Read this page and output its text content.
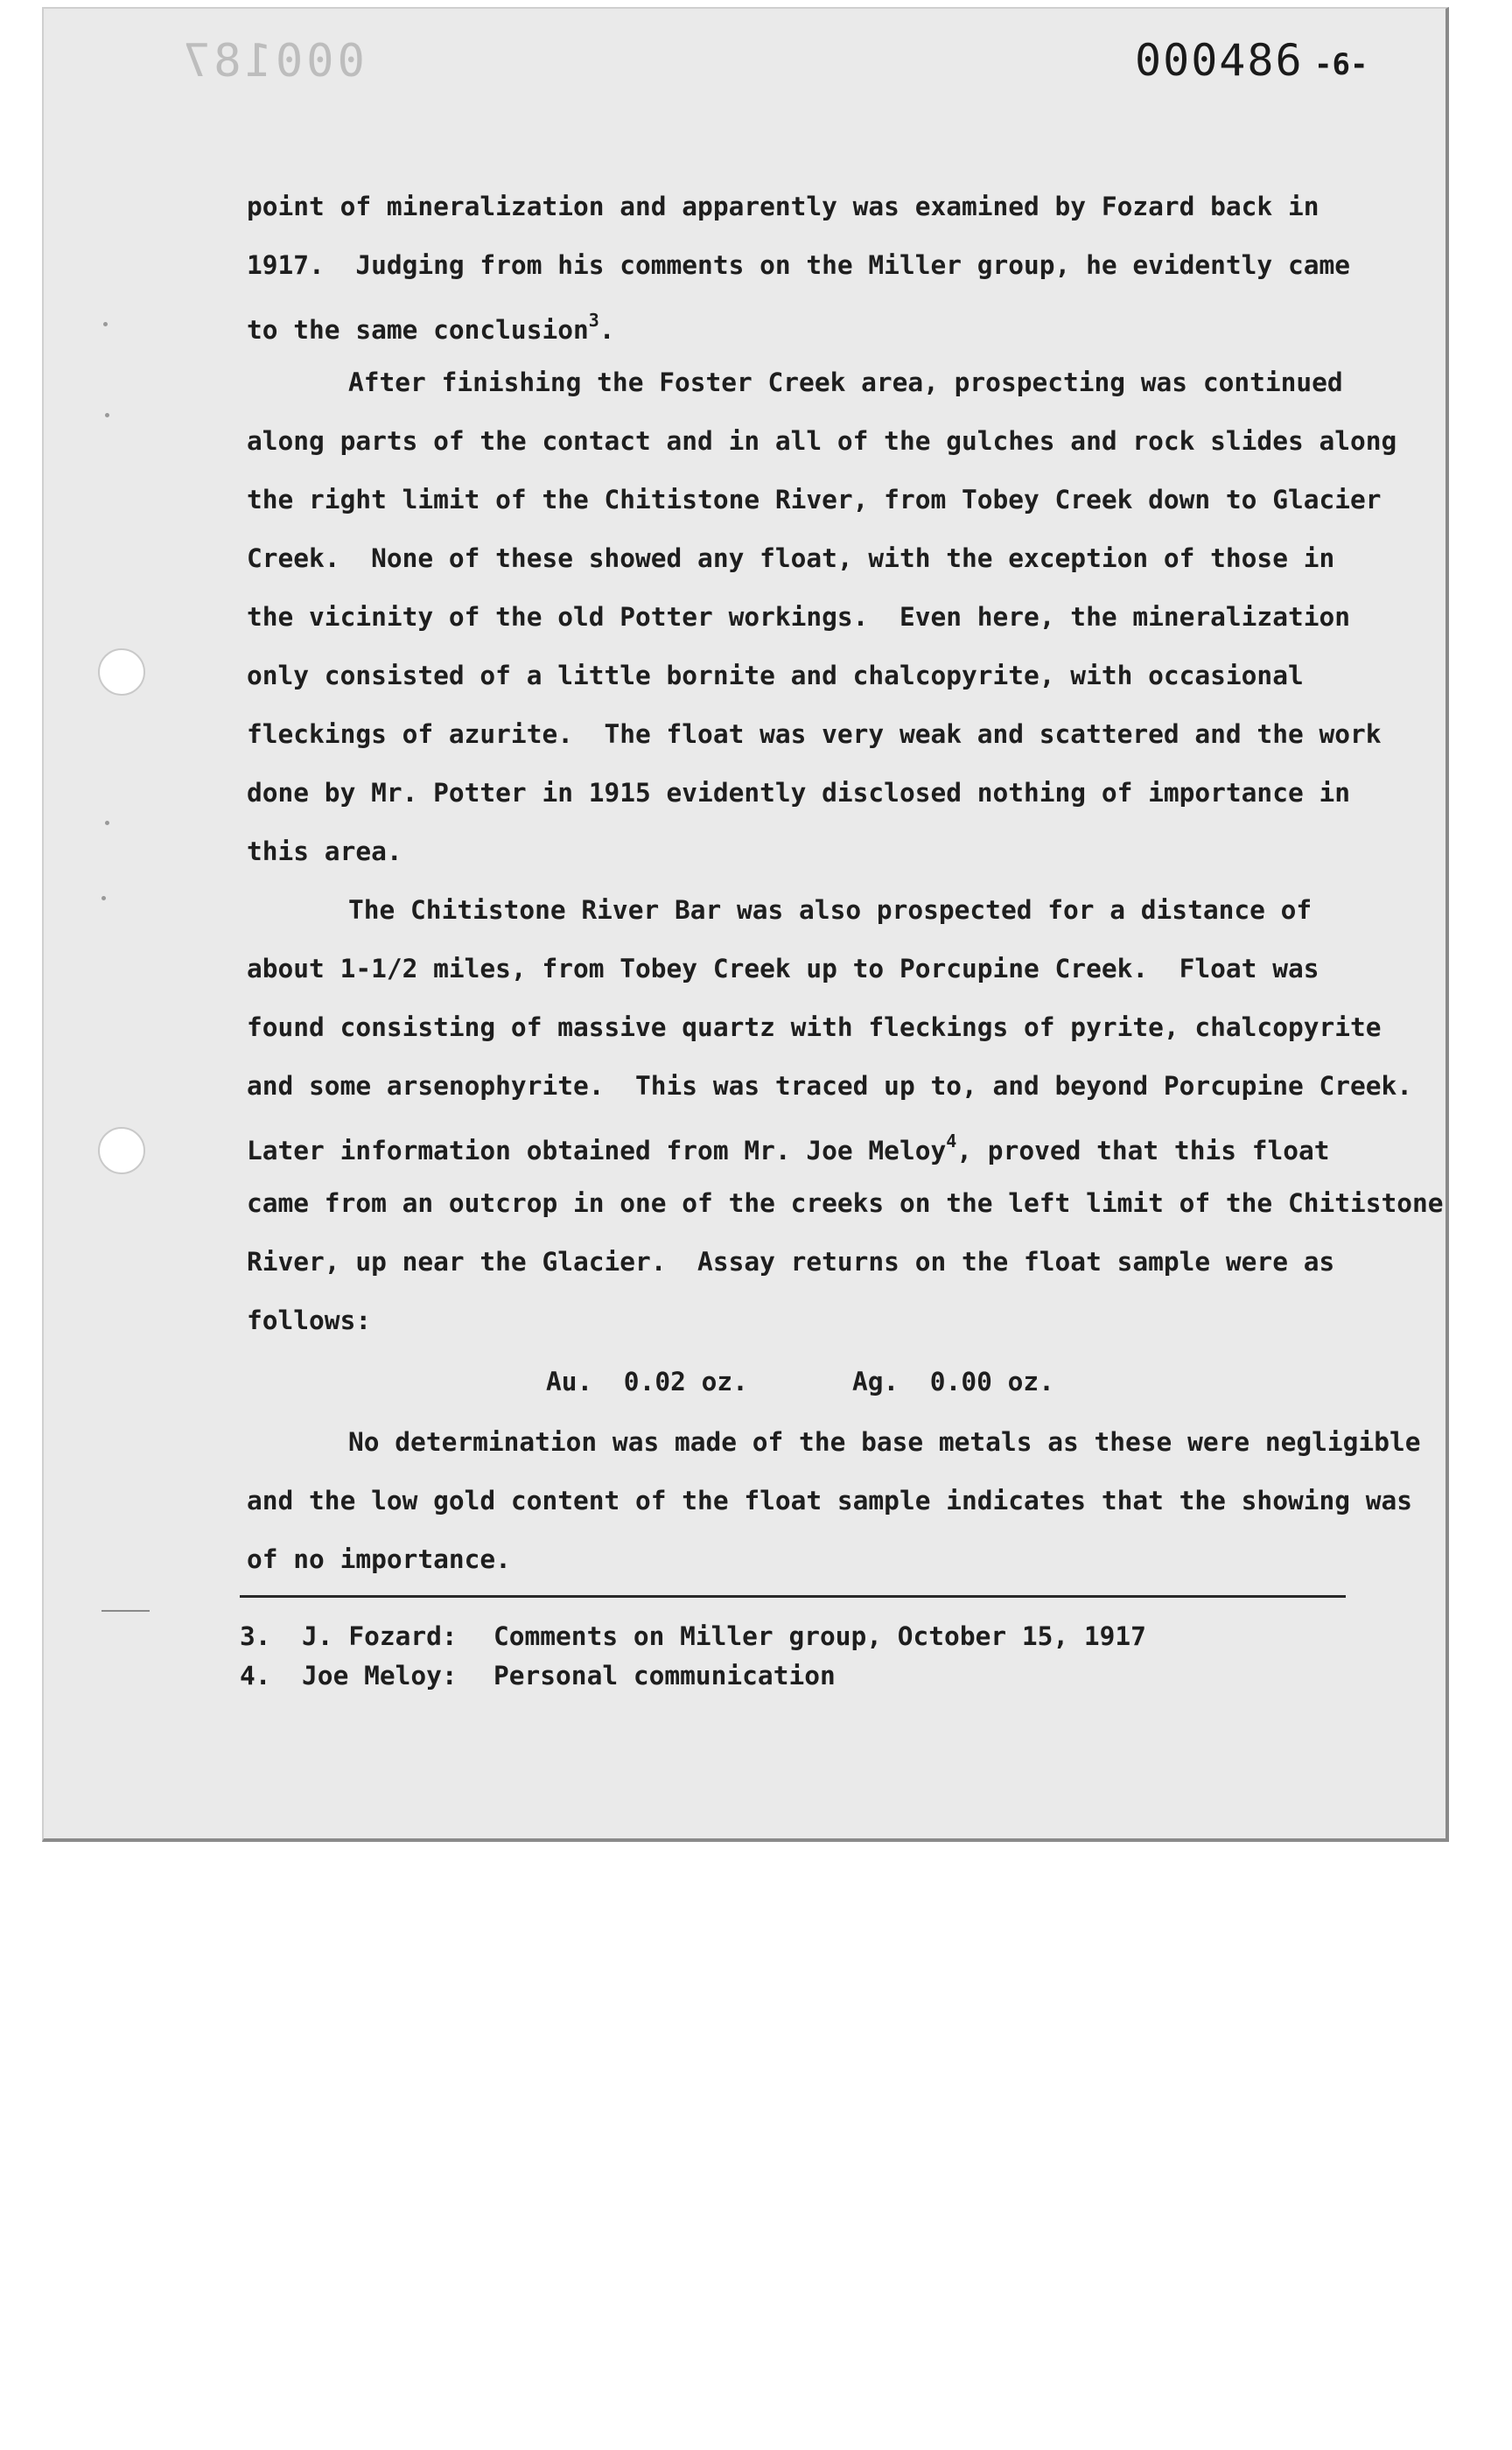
000187	000486 -6-
point of mineralization and apparently was examined by Fozard back in
1917.  Judging from his comments on the Miller group, he evidently came
to the same conclusion$^3$.
After finishing the Foster Creek area, prospecting was continued
along parts of the contact and in all of the gulches and rock slides along
the right limit of the Chitistone River, from Tobey Creek down to Glacier
Creek.  None of these showed any float, with the exception of those in
the vicinity of the old Potter workings.  Even here, the mineralization
only consisted of a little bornite and chalcopyrite, with occasional
fleckings of azurite.  The float was very weak and scattered and the work
done by Mr. Potter in 1915 evidently disclosed nothing of importance in
this area.
The Chitistone River Bar was also prospected for a distance of
about 1-1/2 miles, from Tobey Creek up to Porcupine Creek.  Float was
found consisting of massive quartz with fleckings of pyrite, chalcopyrite
and some arsenophyrite.  This was traced up to, and beyond Porcupine Creek.
Later information obtained from Mr. Joe Meloy$^4$, proved that this float
came from an outcrop in one of the creeks on the left limit of the Chitistone
River, up near the Glacier.  Assay returns on the float sample were as
follows:
Au.  0.02 oz.	Ag.  0.00 oz.
No determination was made of the base metals as these were negligible
and the low gold content of the float sample indicates that the showing was
of no importance.
3.  J. Fozard: Comments on Miller group, October 15, 1917
4.  Joe Meloy: Personal communication
